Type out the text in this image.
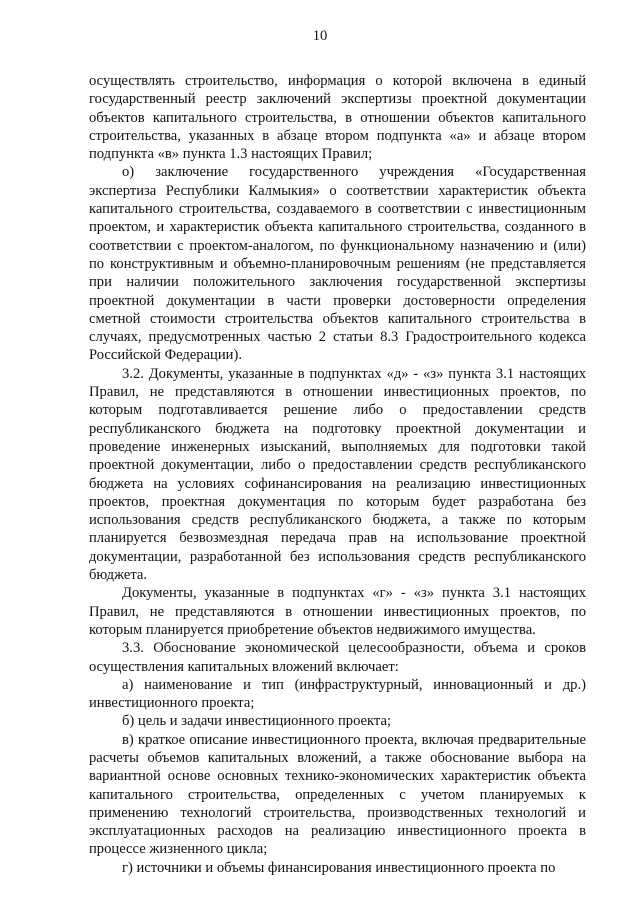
10

осуществлять строительство, информация о которой включена в единый государственный реестр заключений экспертизы проектной документации объектов капитального строительства, в отношении объектов капитального строительства, указанных в абзаце втором подпункта «а» и абзаце втором подпункта «в» пункта 1.3 настоящих Правил;

о) заключение государственного учреждения «Государственная экспертиза Республики Калмыкия» о соответствии характеристик объекта капитального строительства, создаваемого в соответствии с инвестиционным проектом, и характеристик объекта капитального строительства, созданного в соответствии с проектом-аналогом, по функциональному назначению и (или) по конструктивным и объемно-планировочным решениям (не представляется при наличии положительного заключения государственной экспертизы проектной документации в части проверки достоверности определения сметной стоимости строительства объектов капитального строительства в случаях, предусмотренных частью 2 статьи 8.3 Градостроительного кодекса Российской Федерации).

3.2. Документы, указанные в подпунктах «д» - «з» пункта 3.1 настоящих Правил, не представляются в отношении инвестиционных проектов, по которым подготавливается решение либо о предоставлении средств республиканского бюджета на подготовку проектной документации и проведение инженерных изысканий, выполняемых для подготовки такой проектной документации, либо о предоставлении средств республиканского бюджета на условиях софинансирования на реализацию инвестиционных проектов, проектная документация по которым будет разработана без использования средств республиканского бюджета, а также по которым планируется безвозмездная передача прав на использование проектной документации, разработанной без использования средств республиканского бюджета.

Документы, указанные в подпунктах «г» - «з» пункта 3.1 настоящих Правил, не представляются в отношении инвестиционных проектов, по которым планируется приобретение объектов недвижимого имущества.

3.3. Обоснование экономической целесообразности, объема и сроков осуществления капитальных вложений включает:

а) наименование и тип (инфраструктурный, инновационный и др.) инвестиционного проекта;

б) цель и задачи инвестиционного проекта;

в) краткое описание инвестиционного проекта, включая предварительные расчеты объемов капитальных вложений, а также обоснование выбора на вариантной основе основных технико-экономических характеристик объекта капитального строительства, определенных с учетом планируемых к применению технологий строительства, производственных технологий и эксплуатационных расходов на реализацию инвестиционного проекта в процессе жизненного цикла;

г) источники и объемы финансирования инвестиционного проекта по
